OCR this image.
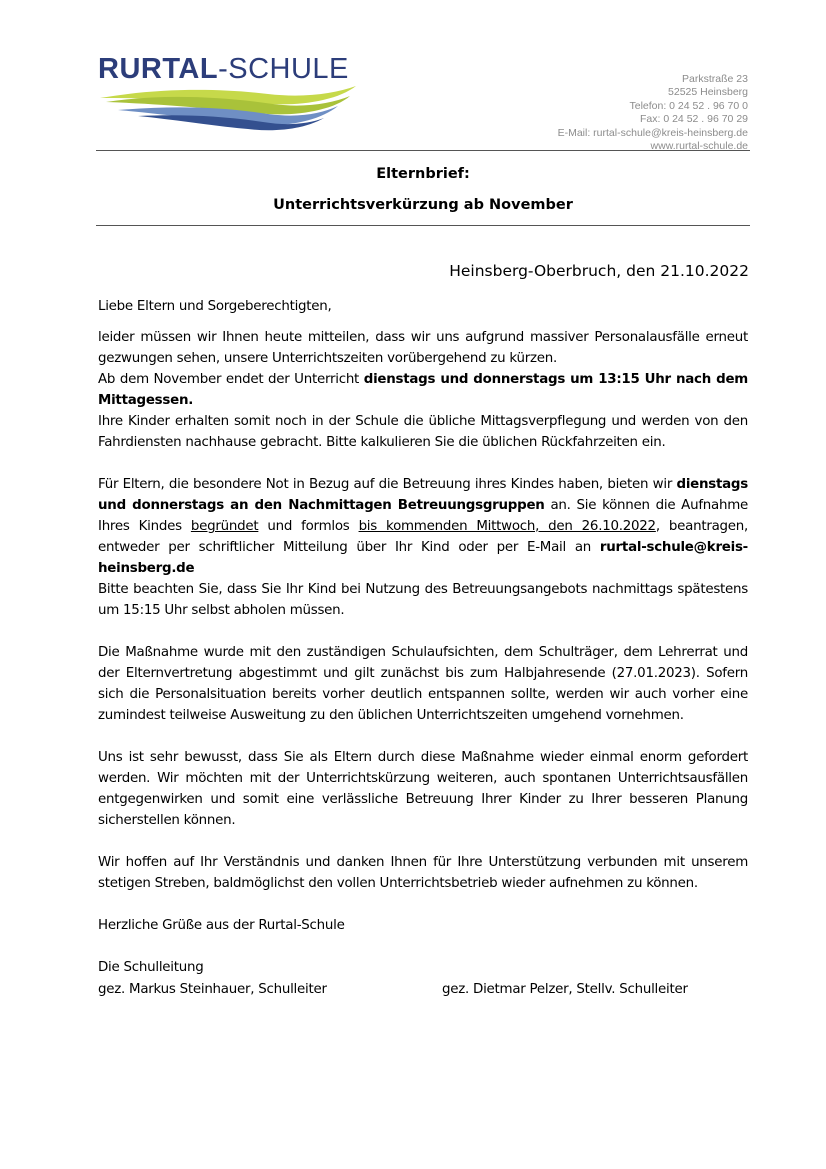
RURTAL-SCHULE	Parkstraße 23
52525 Heinsberg
Telefon: 0 24 52 . 96 70 0
Fax: 0 24 52 . 96 70 29
E-Mail: rurtal-schule@kreis-heinsberg.de
www.rurtal-schule.de
Elternbrief:
Unterrichtsverkürzung ab November
Heinsberg-Oberbruch, den 21.10.2022

Liebe Eltern und Sorgeberechtigten,

leider müssen wir Ihnen heute mitteilen, dass wir uns aufgrund massiver Personalausfälle erneut gezwungen sehen, unsere Unterrichtszeiten vorübergehend zu kürzen.
Ab dem November endet der Unterricht dienstags und donnerstags um 13:15 Uhr nach dem Mittagessen.
Ihre Kinder erhalten somit noch in der Schule die übliche Mittagsverpflegung und werden von den Fahrdiensten nachhause gebracht. Bitte kalkulieren Sie die üblichen Rückfahrzeiten ein.

Für Eltern, die besondere Not in Bezug auf die Betreuung ihres Kindes haben, bieten wir dienstags und donnerstags an den Nachmittagen Betreuungsgruppen an. Sie können die Aufnahme Ihres Kindes begründet und formlos bis kommenden Mittwoch, den 26.10.2022, beantragen, entweder per schriftlicher Mitteilung über Ihr Kind oder per E-Mail an rurtal-schule@kreis-heinsberg.de
Bitte beachten Sie, dass Sie Ihr Kind bei Nutzung des Betreuungsangebots nachmittags spätestens um 15:15 Uhr selbst abholen müssen.

Die Maßnahme wurde mit den zuständigen Schulaufsichten, dem Schulträger, dem Lehrerrat und der Elternvertretung abgestimmt und gilt zunächst bis zum Halbjahresende (27.01.2023). Sofern sich die Personalsituation bereits vorher deutlich entspannen sollte, werden wir auch vorher eine zumindest teilweise Ausweitung zu den üblichen Unterrichtszeiten umgehend vornehmen.

Uns ist sehr bewusst, dass Sie als Eltern durch diese Maßnahme wieder einmal enorm gefordert werden. Wir möchten mit der Unterrichtskürzung weiteren, auch spontanen Unterrichtsausfällen entgegenwirken und somit eine verlässliche Betreuung Ihrer Kinder zu Ihrer besseren Planung sicherstellen können.

Wir hoffen auf Ihr Verständnis und danken Ihnen für Ihre Unterstützung verbunden mit unserem stetigen Streben, baldmöglichst den vollen Unterrichtsbetrieb wieder aufnehmen zu können.

Herzliche Grüße aus der Rurtal-Schule

Die Schulleitung

gez. Markus Steinhauer, Schulleiter	gez. Dietmar Pelzer, Stellv. Schulleiter
